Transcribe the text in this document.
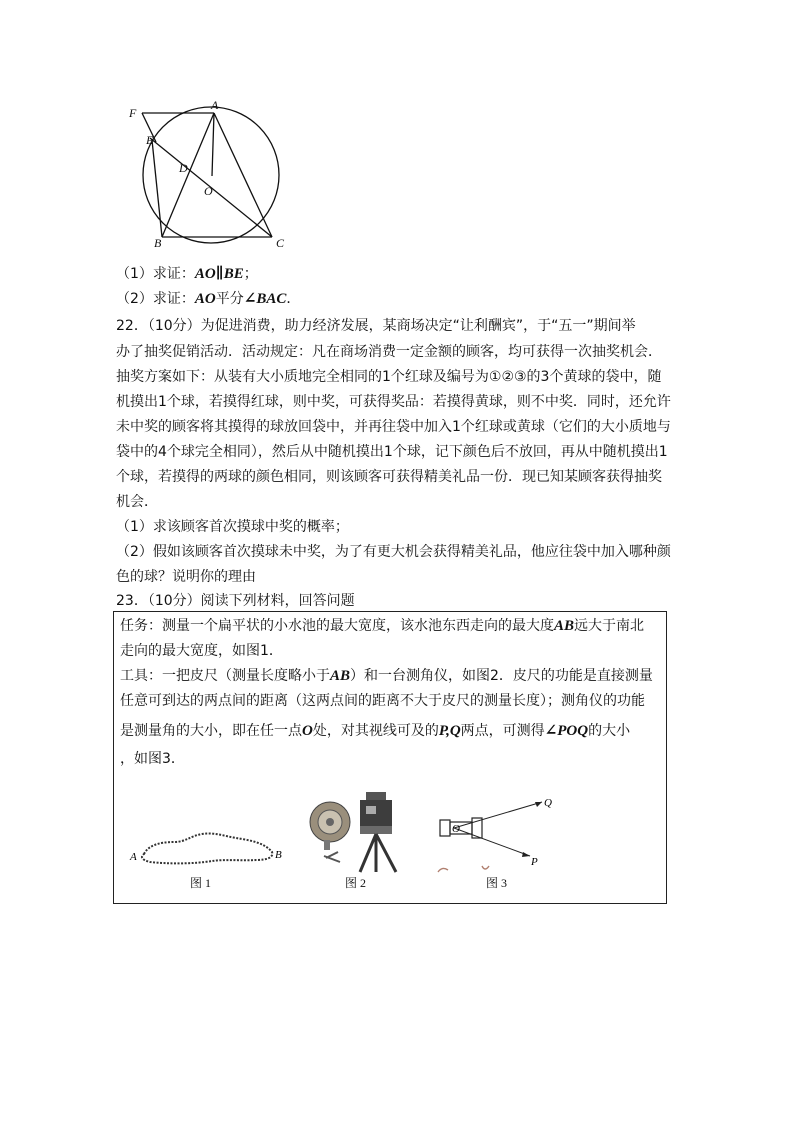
F
A
E
D
O
B	C
（1）求证：AO∥BE；
（2）求证：AO平分∠BAC．
22．（10分）为促进消费，助力经济发展，某商场决定“让利酬宾”，于“五一”期间举
办了抽奖促销活动．活动规定：凡在商场消费一定金额的顾客，均可获得一次抽奖机会．
抽奖方案如下：从装有大小质地完全相同的1个红球及编号为①②③的3个黄球的袋中，随
机摸出1个球，若摸得红球，则中奖，可获得奖品：若摸得黄球，则不中奖．同时，还允许
未中奖的顾客将其摸得的球放回袋中，并再往袋中加入1个红球或黄球（它们的大小质地与
袋中的4个球完全相同），然后从中随机摸出1个球，记下颜色后不放回，再从中随机摸出1
个球，若摸得的两球的颜色相同，则该顾客可获得精美礼品一份．现已知某顾客获得抽奖
机会．
（1）求该顾客首次摸球中奖的概率；
（2）假如该顾客首次摸球未中奖，为了有更大机会获得精美礼品，他应往袋中加入哪种颜
色的球？说明你的理由
23．（10分）阅读下列材料，回答问题
任务：测量一个扁平状的小水池的最大宽度，该水池东西走向的最大度AB远大于南北
走向的最大宽度，如图1．
工具：一把皮尺（测量长度略小于AB）和一台测角仪，如图2．皮尺的功能是直接测量
任意可到达的两点间的距离（这两点间的距离不大于皮尺的测量长度）；测角仪的功能
是测量角的大小，即在任一点O处，对其视线可及的P,Q两点，可测得∠POQ的大小
，如图3．
A	B
图 1	图 2
O
Q
P
图 3
